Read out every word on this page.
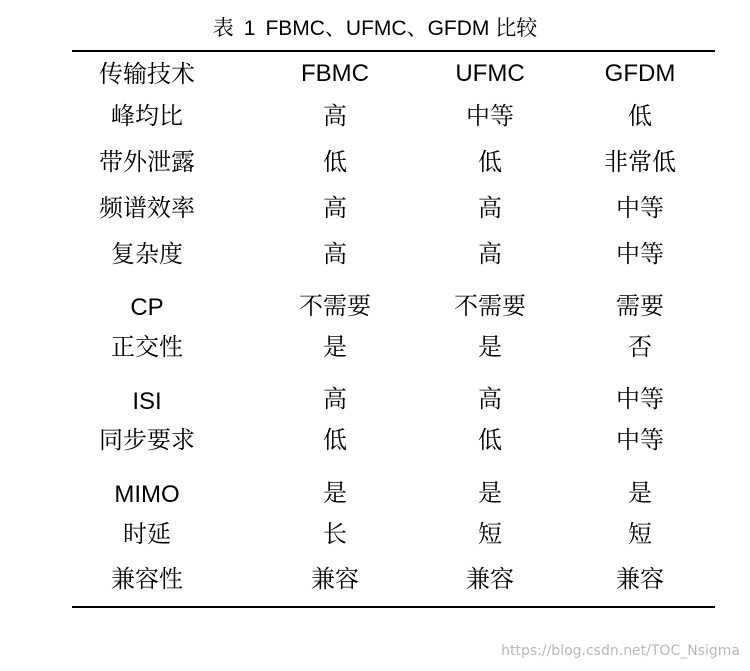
表 1 FBMC、UFMC、GFDM 比较
传输技术	FBMC	UFMC	GFDM
峰均比	高	中等	低
带外泄露	低	低	非常低
频谱效率	高	高	中等
复杂度	高	高	中等
CP	不需要	不需要	需要
正交性	是	是	否
ISI	高	高	中等
同步要求	低	低	中等
MIMO	是	是	是
时延	长	短	短
兼容性	兼容	兼容	兼容
https://blog.csdn.net/TOC_Nsigma
